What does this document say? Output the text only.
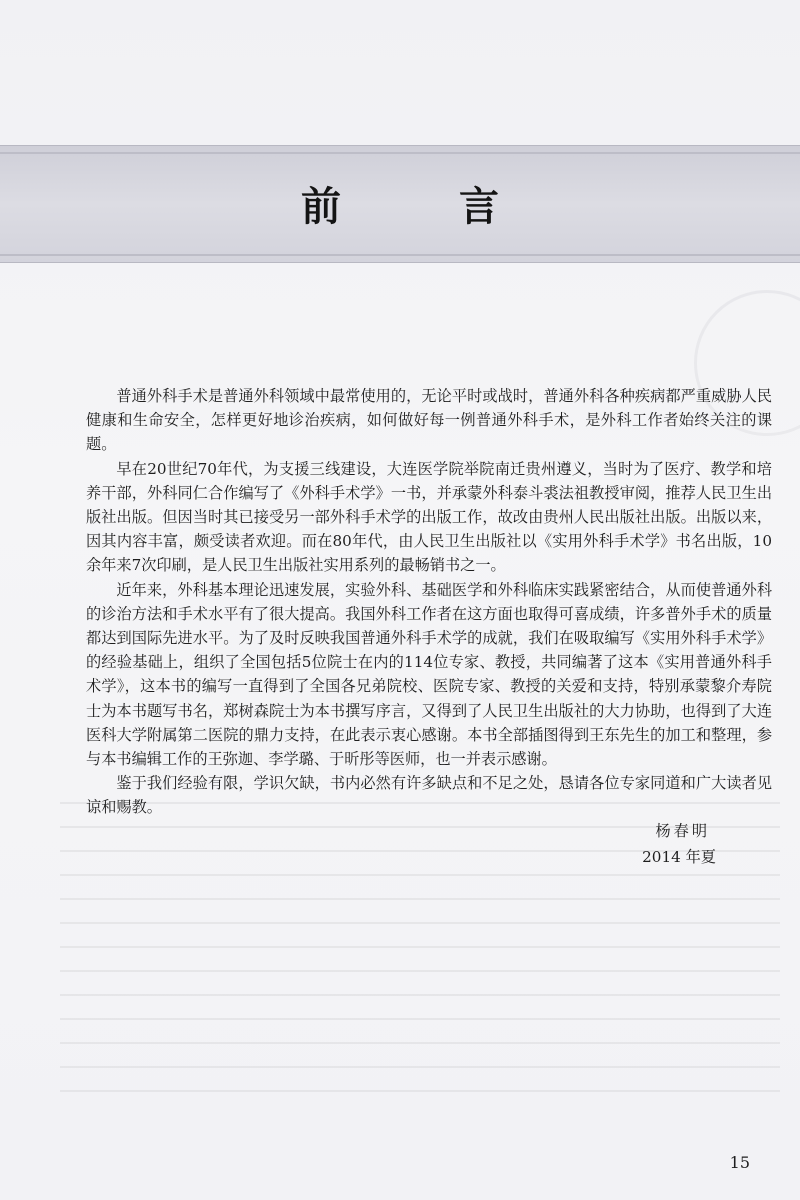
前 言

普通外科手术是普通外科领域中最常使用的，无论平时或战时，普通外科各种疾病都严重威胁人民健康和生命安全，怎样更好地诊治疾病，如何做好每一例普通外科手术，是外科工作者始终关注的课题。

早在20世纪70年代，为支援三线建设，大连医学院举院南迁贵州遵义，当时为了医疗、教学和培养干部，外科同仁合作编写了《外科手术学》一书，并承蒙外科泰斗裘法祖教授审阅，推荐人民卫生出版社出版。但因当时其已接受另一部外科手术学的出版工作，故改由贵州人民出版社出版。出版以来，因其内容丰富，颇受读者欢迎。而在80年代，由人民卫生出版社以《实用外科手术学》书名出版，10余年来7次印刷，是人民卫生出版社实用系列的最畅销书之一。

近年来，外科基本理论迅速发展，实验外科、基础医学和外科临床实践紧密结合，从而使普通外科的诊治方法和手术水平有了很大提高。我国外科工作者在这方面也取得可喜成绩，许多普外手术的质量都达到国际先进水平。为了及时反映我国普通外科手术学的成就，我们在吸取编写《实用外科手术学》的经验基础上，组织了全国包括5位院士在内的114位专家、教授，共同编著了这本《实用普通外科手术学》，这本书的编写一直得到了全国各兄弟院校、医院专家、教授的关爱和支持，特别承蒙黎介寿院士为本书题写书名，郑树森院士为本书撰写序言，又得到了人民卫生出版社的大力协助，也得到了大连医科大学附属第二医院的鼎力支持，在此表示衷心感谢。本书全部插图得到王东先生的加工和整理，参与本书编辑工作的王弥迦、李学璐、于昕彤等医师，也一并表示感谢。

鉴于我们经验有限，学识欠缺，书内必然有许多缺点和不足之处，恳请各位专家同道和广大读者见谅和赐教。

杨春明
2014 年夏
15
